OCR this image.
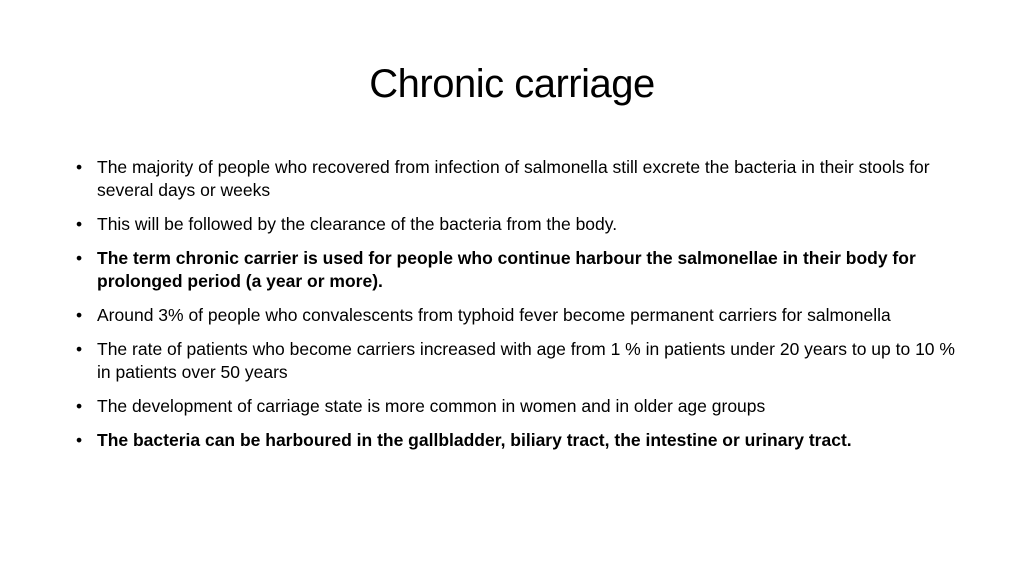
Chronic carriage
• The majority of people who recovered from infection of salmonella still excrete the bacteria in their stools for several days or weeks
• This will be followed by the clearance of the bacteria from the body.
• The term chronic carrier is used for people who continue harbour the salmonellae in their body for prolonged period (a year or more).
• Around 3% of people who convalescents from typhoid fever become permanent carriers for salmonella
• The rate of patients who become carriers increased with age from 1 % in patients under 20 years to up to 10 % in patients over 50 years
• The development of carriage state is more common in women and in older age groups
• The bacteria can be harboured in the gallbladder, biliary tract, the intestine or urinary tract.
